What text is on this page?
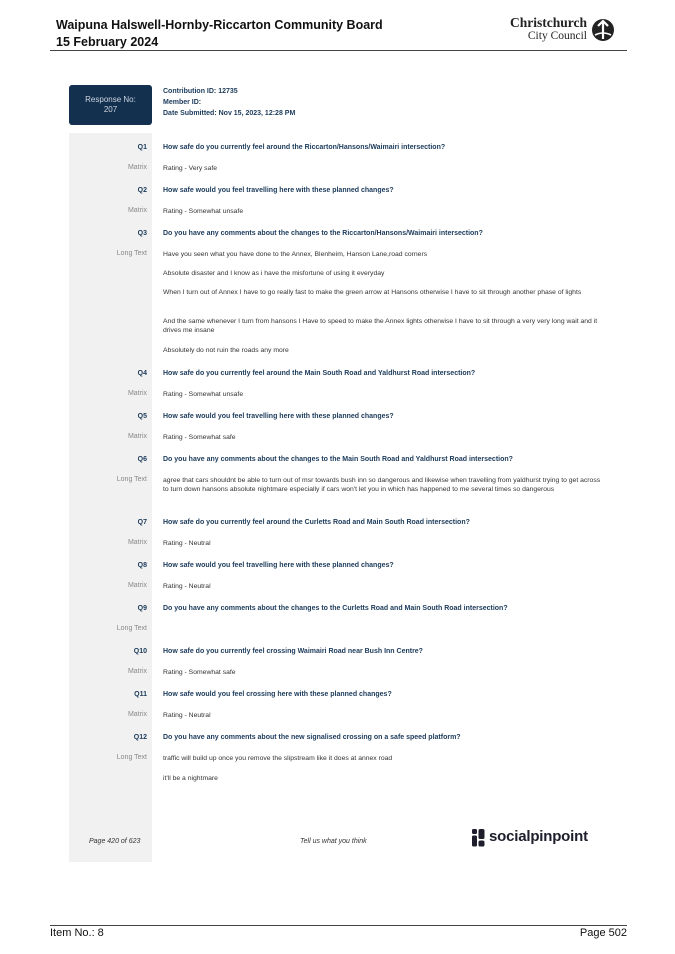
Waipuna Halswell-Hornby-Riccarton Community Board
15 February 2024
Christchurch
City Council
Response No:
207
Contribution ID: 12735
Member ID:
Date Submitted: Nov 15, 2023, 12:28 PM
Q1 How safe do you currently feel around the Riccarton/Hansons/Waimairi intersection?
Matrix Rating - Very safe
Q2 How safe would you feel travelling here with these planned changes?
Matrix Rating - Somewhat unsafe
Q3 Do you have any comments about the changes to the Riccarton/Hansons/Waimairi intersection?
Long Text Have you seen what you have done to the Annex, Blenheim, Hanson Lane,road corners
Absolute disaster and I know as i have the misfortune of using it everyday
When I turn out of Annex I have to go really fast to make the green arrow at Hansons otherwise I have to sit through another phase of lights
And the same whenever I turn from hansons I Have to speed to make the Annex lights otherwise I have to sit through a very very long wait and it drives me insane
Absolutely do not ruin the roads any more
Q4 How safe do you currently feel around the Main South Road and Yaldhurst Road intersection?
Matrix Rating - Somewhat unsafe
Q5 How safe would you feel travelling here with these planned changes?
Matrix Rating - Somewhat safe
Q6 Do you have any comments about the changes to the Main South Road and Yaldhurst Road intersection?
Long Text agree that cars shouldnt be able to turn out of msr towards bush inn so dangerous and likewise when travelling from yaldhurst trying to get across to turn down hansons absolute nightmare especially if cars won't let you in which has happened to me several times so dangerous
Q7 How safe do you currently feel around the Curletts Road and Main South Road intersection?
Matrix Rating - Neutral
Q8 How safe would you feel travelling here with these planned changes?
Matrix Rating - Neutral
Q9 Do you have any comments about the changes to the Curletts Road and Main South Road intersection?
Long Text
Q10 How safe do you currently feel crossing Waimairi Road near Bush Inn Centre?
Matrix Rating - Somewhat safe
Q11 How safe would you feel crossing here with these planned changes?
Matrix Rating - Neutral
Q12 Do you have any comments about the new signalised crossing on a safe speed platform?
Long Text traffic will build up once you remove the slipstream like it does at annex road
it'll be a nightmare
Page 420 of 623	Tell us what you think	socialpinpoint
Item No.: 8	Page 502
